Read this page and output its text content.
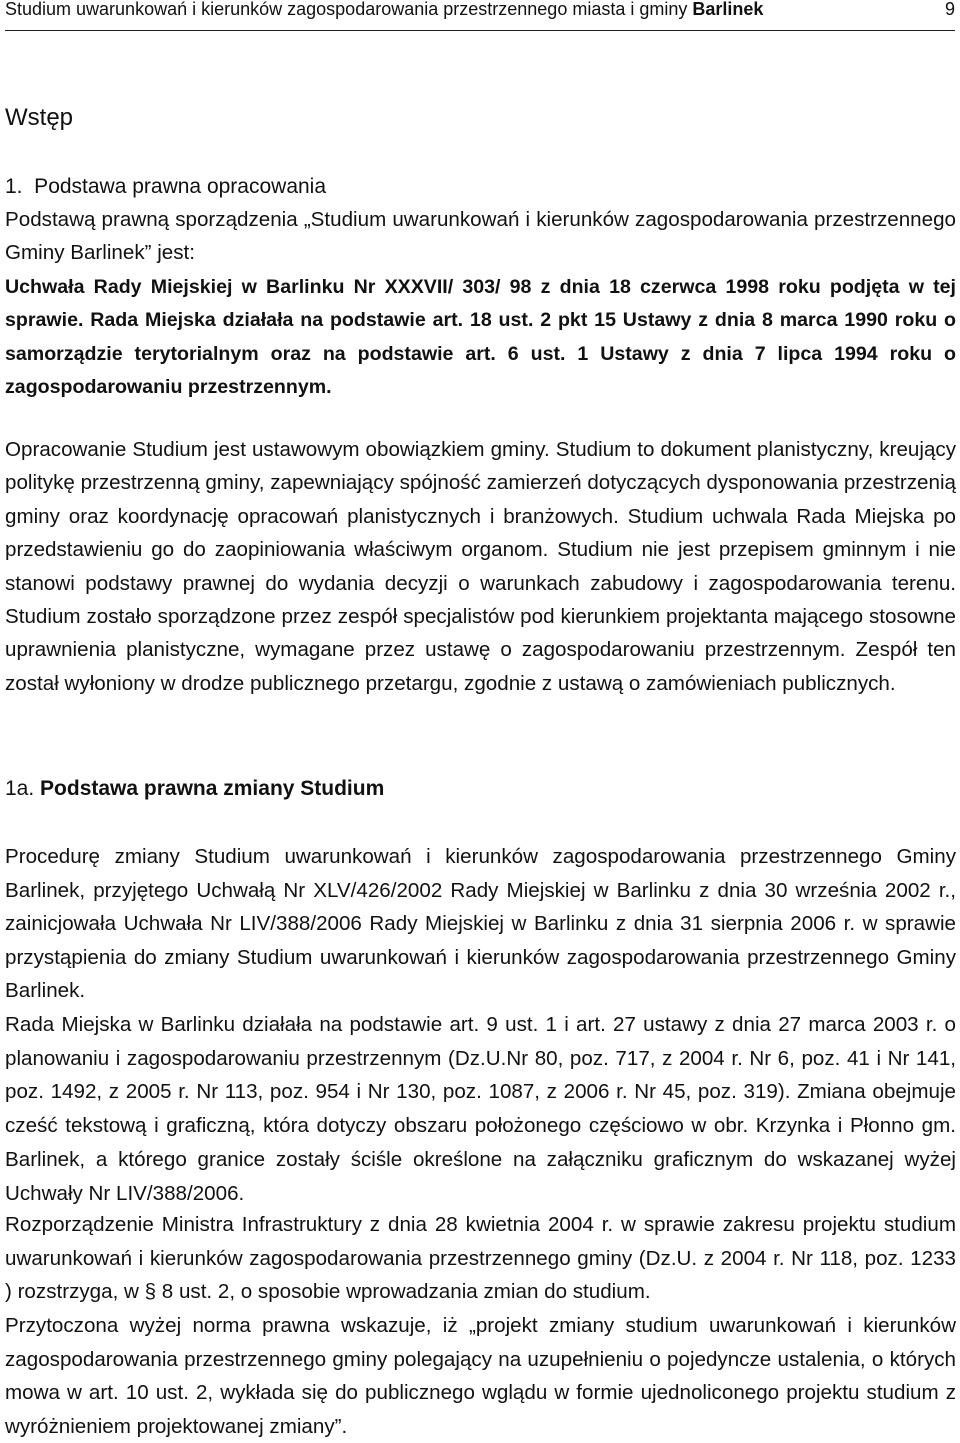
Studium uwarunkowań i kierunków zagospodarowania przestrzennego miasta i gminy Barlinek	9
Wstęp
1.  Podstawa prawna opracowania

Podstawą prawną sporządzenia „Studium uwarunkowań i kierunków zagospodarowania przestrzennego Gminy Barlinek” jest:

Uchwała Rady Miejskiej w Barlinku Nr XXXVII/ 303/ 98 z dnia 18 czerwca 1998 roku podjęta w tej sprawie. Rada Miejska działała na podstawie art. 18 ust. 2 pkt 15 Ustawy z dnia 8 marca 1990 roku o samorządzie terytorialnym oraz na podstawie art. 6 ust. 1 Ustawy z dnia 7 lipca 1994 roku o zagospodarowaniu przestrzennym.

Opracowanie Studium jest ustawowym obowiązkiem gminy. Studium to dokument planistyczny, kreujący politykę przestrzenną gminy, zapewniający spójność zamierzeń dotyczących dysponowania przestrzenią gminy oraz koordynację opracowań planistycznych i branżowych. Studium uchwala Rada Miejska po przedstawieniu go do zaopiniowania właściwym organom. Studium nie jest przepisem gminnym i nie stanowi podstawy prawnej do wydania decyzji o warunkach zabudowy i zagospodarowania terenu. Studium zostało sporządzone przez zespół specjalistów pod kierunkiem projektanta mającego stosowne uprawnienia planistyczne, wymagane przez ustawę o zagospodarowaniu przestrzennym. Zespół ten został wyłoniony w drodze publicznego przetargu, zgodnie z ustawą o zamówieniach publicznych.

1a. Podstawa prawna zmiany Studium

Procedurę zmiany Studium uwarunkowań i kierunków zagospodarowania przestrzennego Gminy Barlinek, przyjętego Uchwałą Nr XLV/426/2002 Rady Miejskiej w Barlinku z dnia 30 września 2002 r., zainicjowała Uchwała Nr LIV/388/2006 Rady Miejskiej w Barlinku z dnia 31 sierpnia 2006 r. w sprawie przystąpienia do zmiany Studium uwarunkowań i kierunków zagospodarowania przestrzennego Gminy Barlinek.

Rada Miejska w Barlinku działała na podstawie art. 9 ust. 1 i art. 27 ustawy z dnia 27 marca 2003 r. o planowaniu i zagospodarowaniu przestrzennym (Dz.U.Nr 80, poz. 717, z 2004 r. Nr 6, poz. 41 i Nr 141, poz. 1492, z 2005 r. Nr 113, poz. 954 i Nr 130, poz. 1087, z 2006 r. Nr 45, poz. 319). Zmiana obejmuje cześć tekstową i graficzną, która dotyczy obszaru położonego częściowo w obr. Krzynka i Płonno gm. Barlinek, a którego granice zostały ściśle określone na załączniku graficznym do wskazanej wyżej Uchwały Nr LIV/388/2006.

Rozporządzenie Ministra Infrastruktury z dnia 28 kwietnia 2004 r. w sprawie zakresu projektu studium uwarunkowań i kierunków zagospodarowania przestrzennego gminy (Dz.U. z 2004 r. Nr 118, poz. 1233 ) rozstrzyga, w § 8 ust. 2, o sposobie wprowadzania zmian do studium.

Przytoczona wyżej norma prawna wskazuje, iż „projekt zmiany studium uwarunkowań i kierunków zagospodarowania przestrzennego gminy polegający na uzupełnieniu o pojedyncze ustalenia, o których mowa w art. 10 ust. 2, wykłada się do publicznego wglądu w formie ujednoliconego projektu studium z wyróżnieniem projektowanej zmiany”.
